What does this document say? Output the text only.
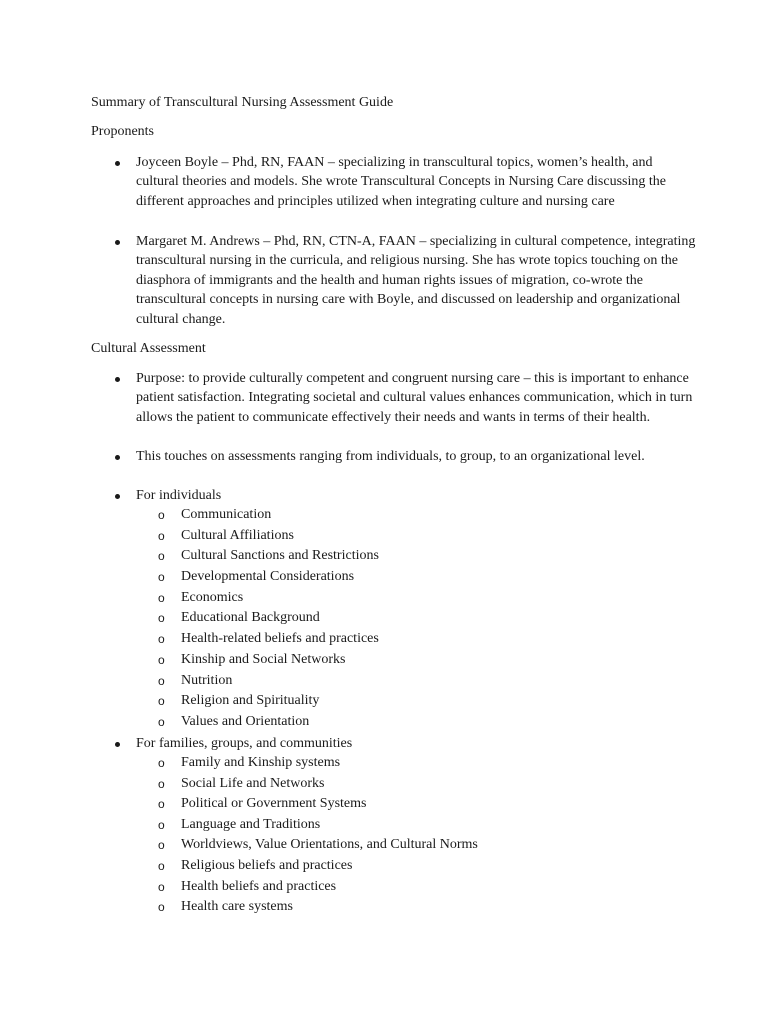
Summary of Transcultural Nursing Assessment Guide
Proponents
Joyceen Boyle – Phd, RN, FAAN – specializing in transcultural topics, women’s health, and cultural theories and models. She wrote Transcultural Concepts in Nursing Care discussing the different approaches and principles utilized when integrating culture and nursing care
Margaret M. Andrews – Phd, RN, CTN-A, FAAN – specializing in cultural competence, integrating transcultural nursing in the curricula, and religious nursing. She has wrote topics touching on the diasphora of immigrants and the health and human rights issues of migration, co-wrote the transcultural concepts in nursing care with Boyle, and discussed on leadership and organizational cultural change.
Cultural Assessment
Purpose: to provide culturally competent and congruent nursing care – this is important to enhance patient satisfaction. Integrating societal and cultural values enhances communication, which in turn allows the patient to communicate effectively their needs and wants in terms of their health.
This touches on assessments ranging from individuals, to group, to an organizational level.
For individuals
o Communication
o Cultural Affiliations
o Cultural Sanctions and Restrictions
o Developmental Considerations
o Economics
o Educational Background
o Health-related beliefs and practices
o Kinship and Social Networks
o Nutrition
o Religion and Spirituality
o Values and Orientation
For families, groups, and communities
o Family and Kinship systems
o Social Life and Networks
o Political or Government Systems
o Language and Traditions
o Worldviews, Value Orientations, and Cultural Norms
o Religious beliefs and practices
o Health beliefs and practices
o Health care systems
